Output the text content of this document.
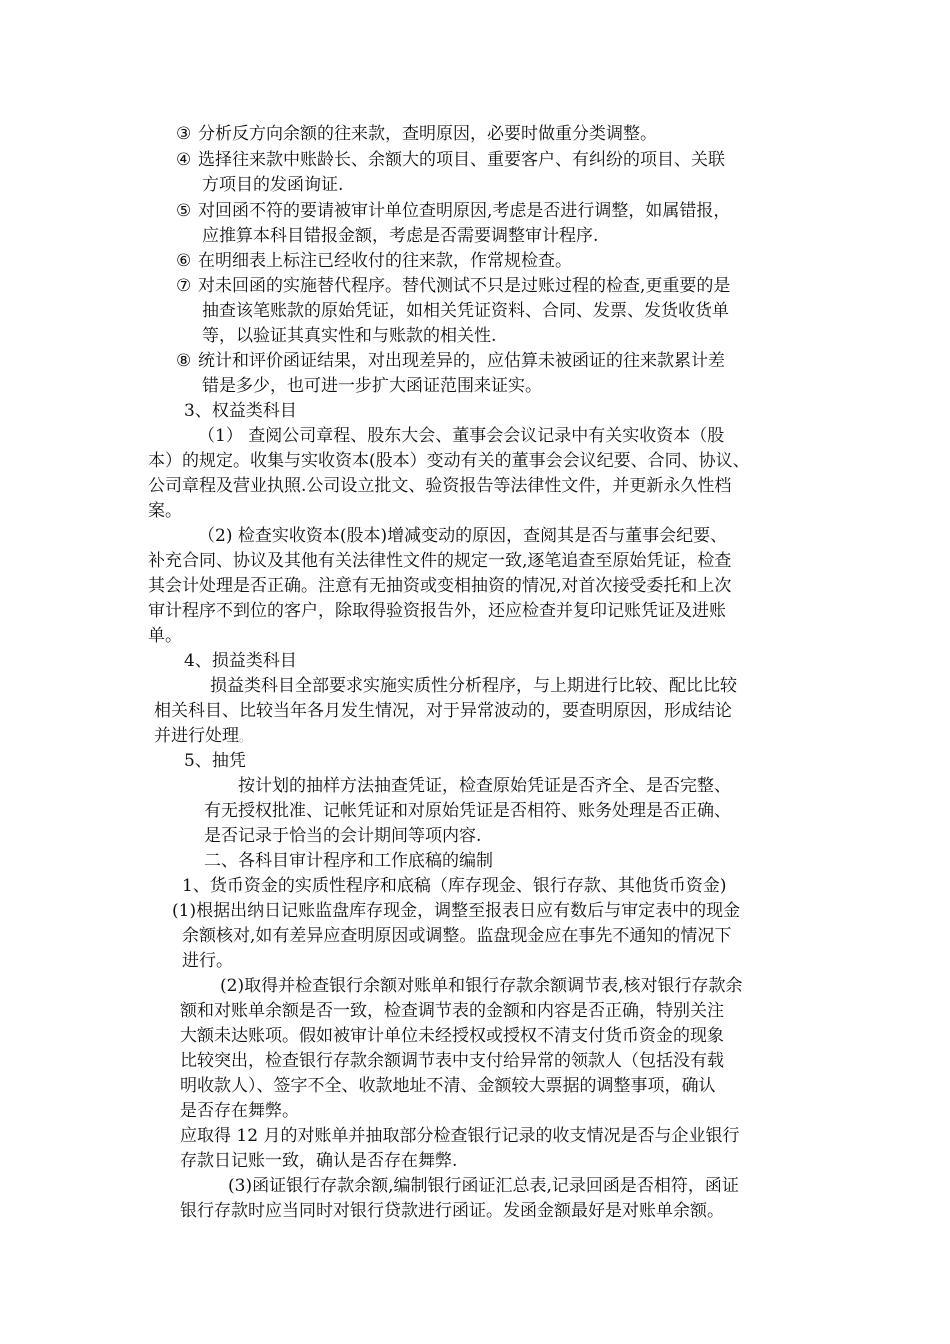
③ 分析反方向余额的往来款，查明原因，必要时做重分类调整。
④ 选择往来款中账龄长、余额大的项目、重要客户、有纠纷的项目、关联
方项目的发函询证.
⑤ 对回函不符的要请被审计单位查明原因,考虑是否进行调整，如属错报，
应推算本科目错报金额，考虑是否需要调整审计程序.
⑥ 在明细表上标注已经收付的往来款，作常规检查。
⑦ 对未回函的实施替代程序。替代测试不只是过账过程的检查,更重要的是
抽查该笔账款的原始凭证，如相关凭证资料、合同、发票、发货收货单
等，以验证其真实性和与账款的相关性.
⑧ 统计和评价函证结果，对出现差异的，应估算未被函证的往来款累计差
错是多少，也可进一步扩大函证范围来证实。
3、权益类科目
（1） 查阅公司章程、股东大会、董事会会议记录中有关实收资本（股
本）的规定。收集与实收资本(股本）变动有关的董事会会议纪要、合同、协议、
公司章程及营业执照.公司设立批文、验资报告等法律性文件，并更新永久性档
案。
（2) 检查实收资本(股本)增减变动的原因，查阅其是否与董事会纪要、
补充合同、协议及其他有关法律性文件的规定一致,逐笔追查至原始凭证，检查
其会计处理是否正确。注意有无抽资或变相抽资的情况,对首次接受委托和上次
审计程序不到位的客户，除取得验资报告外，还应检查并复印记账凭证及进账
单。
4、损益类科目
损益类科目全部要求实施实质性分析程序，与上期进行比较、配比比较
相关科目、比较当年各月发生情况，对于异常波动的，要查明原因，形成结论
并进行处理。
5、抽凭
按计划的抽样方法抽查凭证，检查原始凭证是否齐全、是否完整、
有无授权批准、记帐凭证和对原始凭证是否相符、账务处理是否正确、
是否记录于恰当的会计期间等项内容.
二、各科目审计程序和工作底稿的编制
1、货币资金的实质性程序和底稿（库存现金、银行存款、其他货币资金)
(1)根据出纳日记账监盘库存现金，调整至报表日应有数后与审定表中的现金
余额核对,如有差异应查明原因或调整。监盘现金应在事先不通知的情况下
进行。
(2)取得并检查银行余额对账单和银行存款余额调节表,核对银行存款余
额和对账单余额是否一致，检查调节表的金额和内容是否正确，特别关注
大额未达账项。假如被审计单位未经授权或授权不清支付货币资金的现象
比较突出，检查银行存款余额调节表中支付给异常的领款人（包括没有载
明收款人）、签字不全、收款地址不清、金额较大票据的调整事项，确认
是否存在舞弊。
应取得 12 月的对账单并抽取部分检查银行记录的收支情况是否与企业银行
存款日记账一致，确认是否存在舞弊.
(3)函证银行存款余额,编制银行函证汇总表,记录回函是否相符，函证
银行存款时应当同时对银行贷款进行函证。发函金额最好是对账单余额。
